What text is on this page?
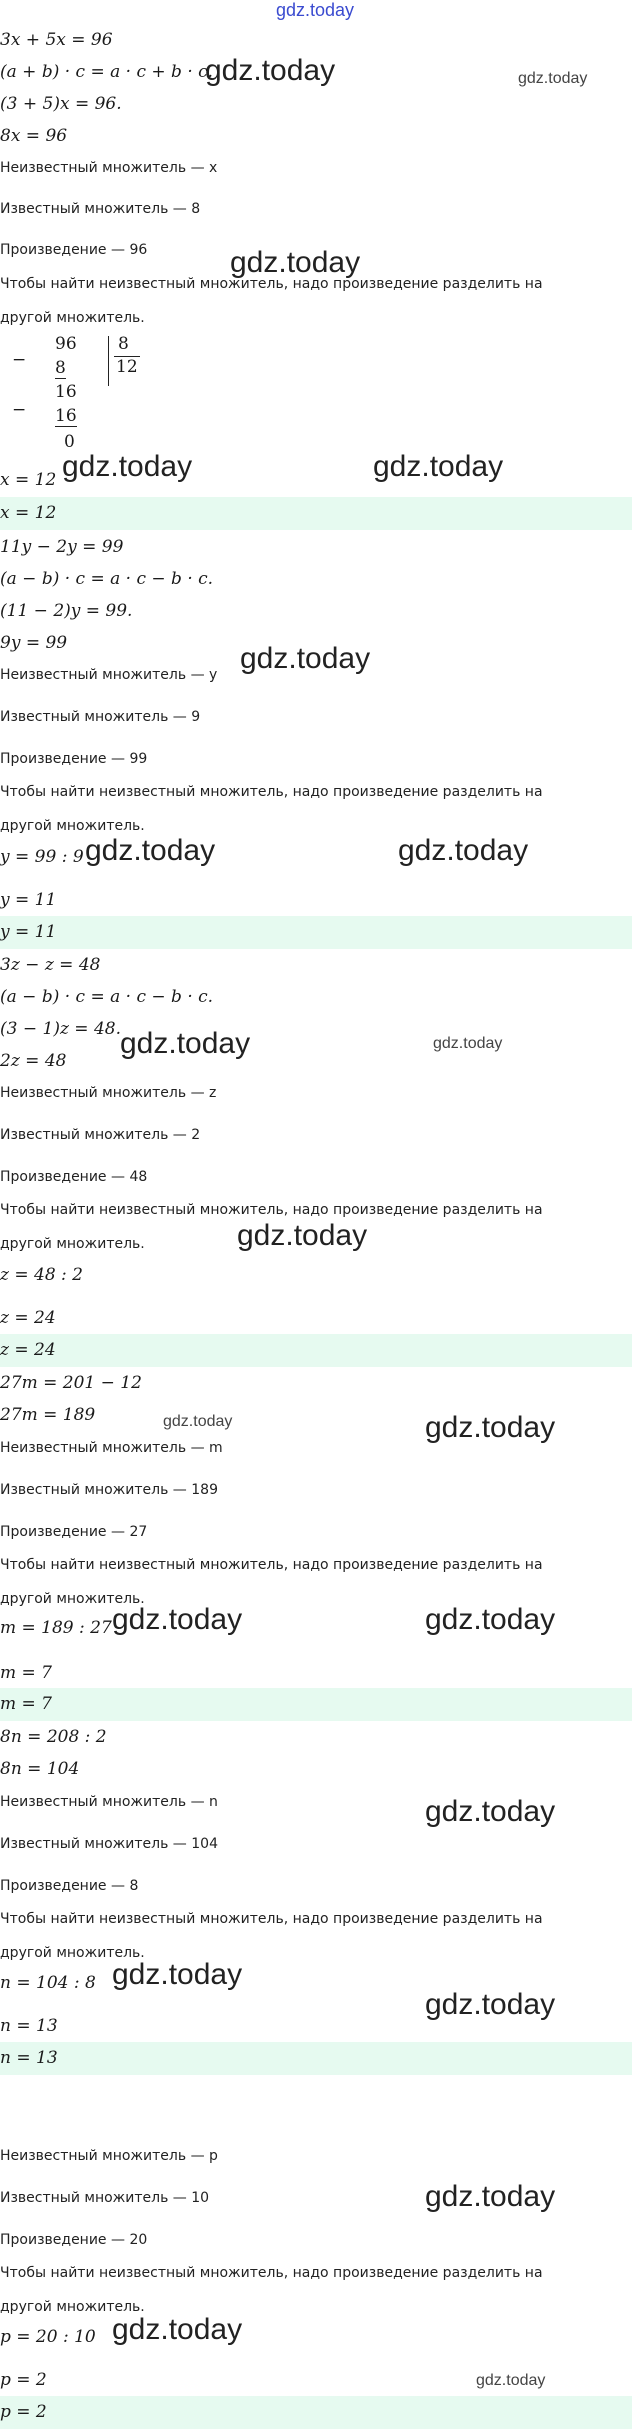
gdz.today
3x + 5x = 96
(a + b) · c = a · c + b · c.
(3 + 5)x = 96.
8x = 96
Неизвестный множитель — x
Известный множитель — 8
Произведение — 96
Чтобы найти неизвестный множитель, надо произведение разделить на
другой множитель.
−
96 8
12
8
−
16
16
0
x = 12
x = 12
11y − 2y = 99
(a − b) · c = a · c − b · c.
(11 − 2)y = 99.
9y = 99
Неизвестный множитель — y
Известный множитель — 9
Произведение — 99
Чтобы найти неизвестный множитель, надо произведение разделить на
другой множитель.
y = 99 : 9
y = 11
y = 11
3z − z = 48
(a − b) · c = a · c − b · c.
(3 − 1)z = 48.
2z = 48
Неизвестный множитель — z
Известный множитель — 2
Произведение — 48
Чтобы найти неизвестный множитель, надо произведение разделить на
другой множитель.
z = 48 : 2
z = 24
z = 24
27m = 201 − 12
27m = 189
Неизвестный множитель — m
Известный множитель — 189
Произведение — 27
Чтобы найти неизвестный множитель, надо произведение разделить на
другой множитель.
m = 189 : 27
m = 7
m = 7
8n = 208 : 2
8n = 104
Неизвестный множитель — n
Известный множитель — 104
Произведение — 8
Чтобы найти неизвестный множитель, надо произведение разделить на
другой множитель.
n = 104 : 8
n = 13
n = 13
Неизвестный множитель — p
Известный множитель — 10
Произведение — 20
Чтобы найти неизвестный множитель, надо произведение разделить на
другой множитель.
p = 20 : 10
p = 2
p = 2
gdz.today	gdz.today
gdz.today
gdz.today	gdz.today
gdz.today
gdz.today	gdz.today
gdz.today	gdz.today
gdz.today
gdz.today	gdz.today
gdz.today	gdz.today
gdz.today
gdz.today
gdz.today
gdz.today
gdz.today
gdz.today
